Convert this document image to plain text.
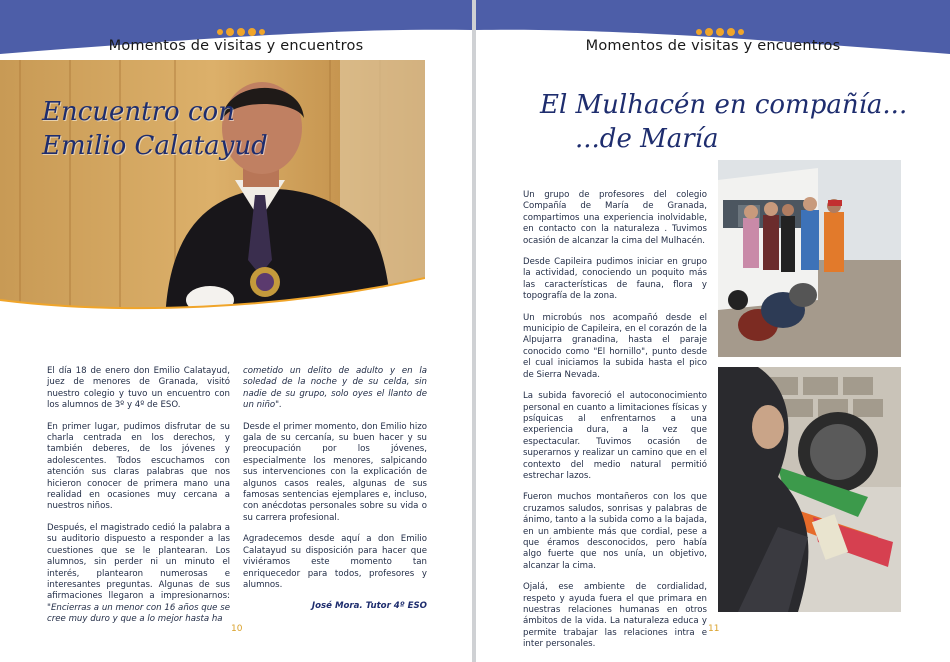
Momentos de visitas y encuentros
Encuentro con
Emilio Calatayud

El día 18 de enero don Emilio Calatayud, juez de menores de Granada, visitó nuestro colegio y tuvo un encuentro con los alumnos de 3º y 4º de ESO.

En primer lugar, pudimos disfrutar de su charla centrada en los derechos, y también deberes, de los jóvenes y adolescentes. Todos escuchamos con atención sus claras palabras que nos hicieron conocer de primera mano una realidad en ocasiones muy cercana a nuestros niños.

Después, el magistrado cedió la palabra a su auditorio dispuesto a responder a las cuestiones que se le plantearan. Los alumnos, sin perder ni un minuto el interés, plantearon numerosas e interesantes preguntas. Algunas de sus afirmaciones llegaron a impresionarnos: "Encierras a un menor con 16 años que se cree muy duro y que a lo mejor hasta ha

cometido un delito de adulto y en la soledad de la noche y de su celda, sin nadie de su grupo, solo oyes el llanto de un niño".

Desde el primer momento, don Emilio hizo gala de su cercanía, su buen hacer y su preocupación por los jóvenes, especialmente los menores, salpicando sus intervenciones con la explicación de algunos casos reales, algunas de sus famosas sentencias ejemplares e, incluso, con anécdotas personales sobre su vida o su carrera profesional.

Agradecemos desde aquí a don Emilio Calatayud su disposición para hacer que viviéramos este momento tan enriquecedor para todos, profesores y alumnos.

José Mora. Tutor 4º ESO
10
Momentos de visitas y encuentros

Un grupo de profesores del colegio Compañía de María de Granada, compartimos una experiencia inolvidable, en contacto con la naturaleza . Tuvimos ocasión de alcanzar la cima del Mulhacén.

Desde Capileira pudimos iniciar en grupo la actividad, conociendo un poquito más las características de fauna, flora y topografía de la zona.

Un microbús nos acompañó desde el municipio de Capileira, en el corazón de la Alpujarra granadina, hasta el paraje conocido como "El hornillo", punto desde el cual iniciamos la subida hasta el pico de Sierra Nevada.

La subida favoreció el autoconocimiento personal en cuanto a limitaciones físicas y psíquicas al enfrentarnos a una experiencia dura, a la vez que espectacular. Tuvimos ocasión de superarnos y realizar un camino que en el contexto del medio natural permitió estrechar lazos.

Fueron muchos montañeros con los que cruzamos saludos, sonrisas y palabras de ánimo, tanto a la subida como a la bajada, en un ambiente más que cordial, pese a que éramos desconocidos, pero había algo fuerte que nos unía, un objetivo, alcanzar la cima.

Ojalá, ese ambiente de cordialidad, respeto y ayuda fuera el que primara en nuestras relaciones humanas en otros ámbitos de la vida. La naturaleza educa y permite trabajar las relaciones intra e inter personales.

El Mulhacén en compañía...
...de María
11
